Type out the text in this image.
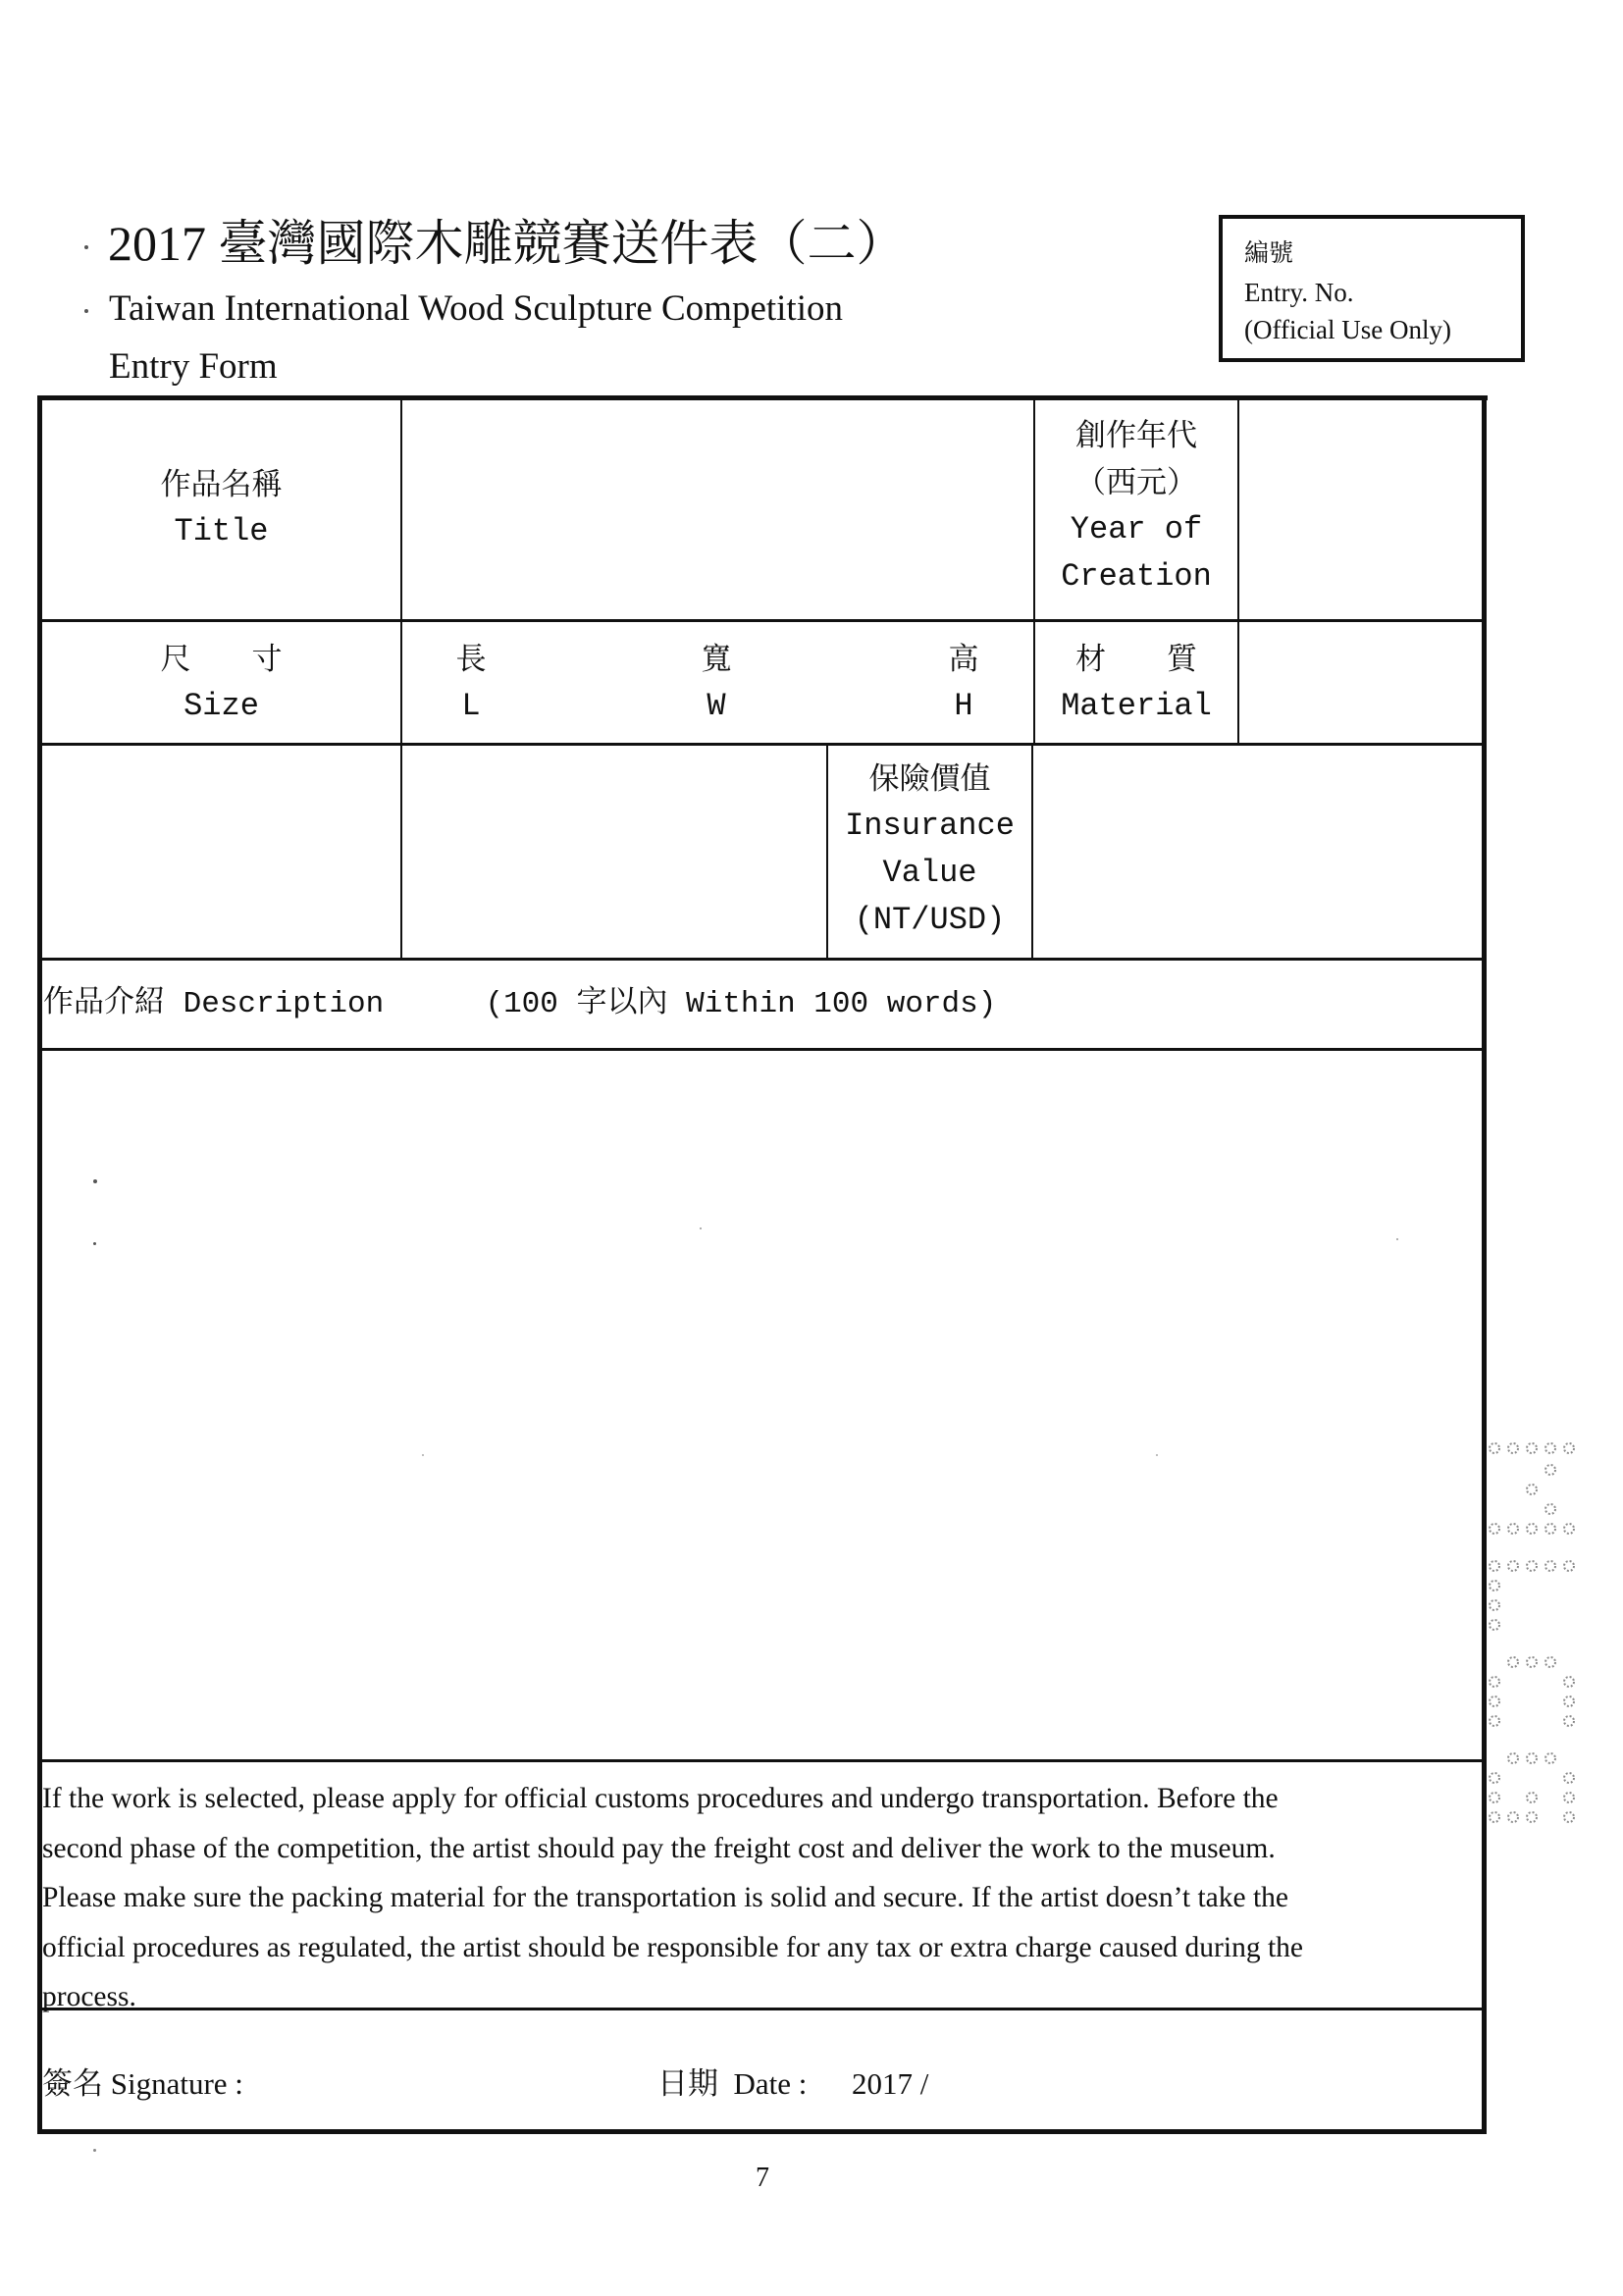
2017 臺灣國際木雕競賽送件表（二）
Taiwan International Wood Sculpture Competition
Entry Form
編號
Entry. No.
(Official Use Only)
作品名稱
Title
創作年代
（西元）
Year of
Creation
尺　　寸
Size
長
L
寬
W
高
H
材　　質
Material
保險價值
Insurance
Value
(NT/USD)
作品介紹 Description	(100 字以內 Within 100 words)
If the work is selected, please apply for official customs procedures and undergo transportation. Before the
second phase of the competition, the artist should pay the freight cost and deliver the work to the museum.
Please make sure the packing material for the transportation is solid and secure. If the artist doesn’t take the
official procedures as regulated, the artist should be responsible for any tax or extra charge caused during the
process.
簽名 Signature :	日期  Date : 2017 /
7
